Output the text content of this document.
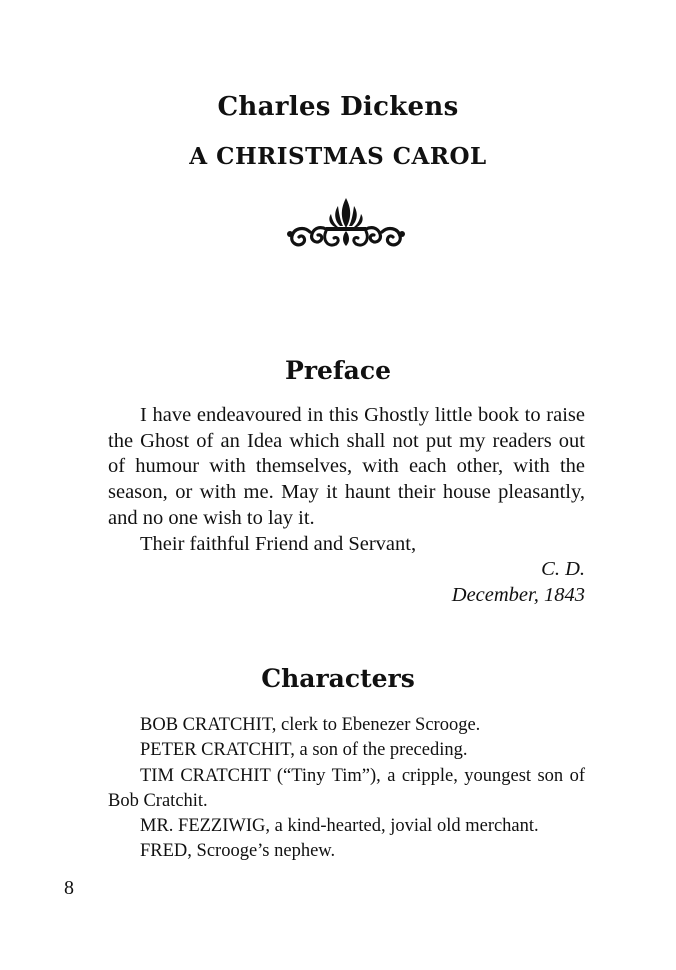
Charles Dickens
A CHRISTMAS CAROL
Preface

I have endeavoured in this Ghostly little book to raise the Ghost of an Idea which shall not put my readers out of humour with themselves, with each other, with the season, or with me. May it haunt their house pleasantly, and no one wish to lay it.

Their faithful Friend and Servant,

C. D.

December, 1843

Characters

BOB CRATCHIT, clerk to Ebenezer Scrooge.

PETER CRATCHIT, a son of the preceding.

TIM CRATCHIT (“Tiny Tim”), a cripple, youngest son of Bob Cratchit.

MR. FEZZIWIG, a kind-hearted, jovial old merchant.

FRED, Scrooge’s nephew.

8
